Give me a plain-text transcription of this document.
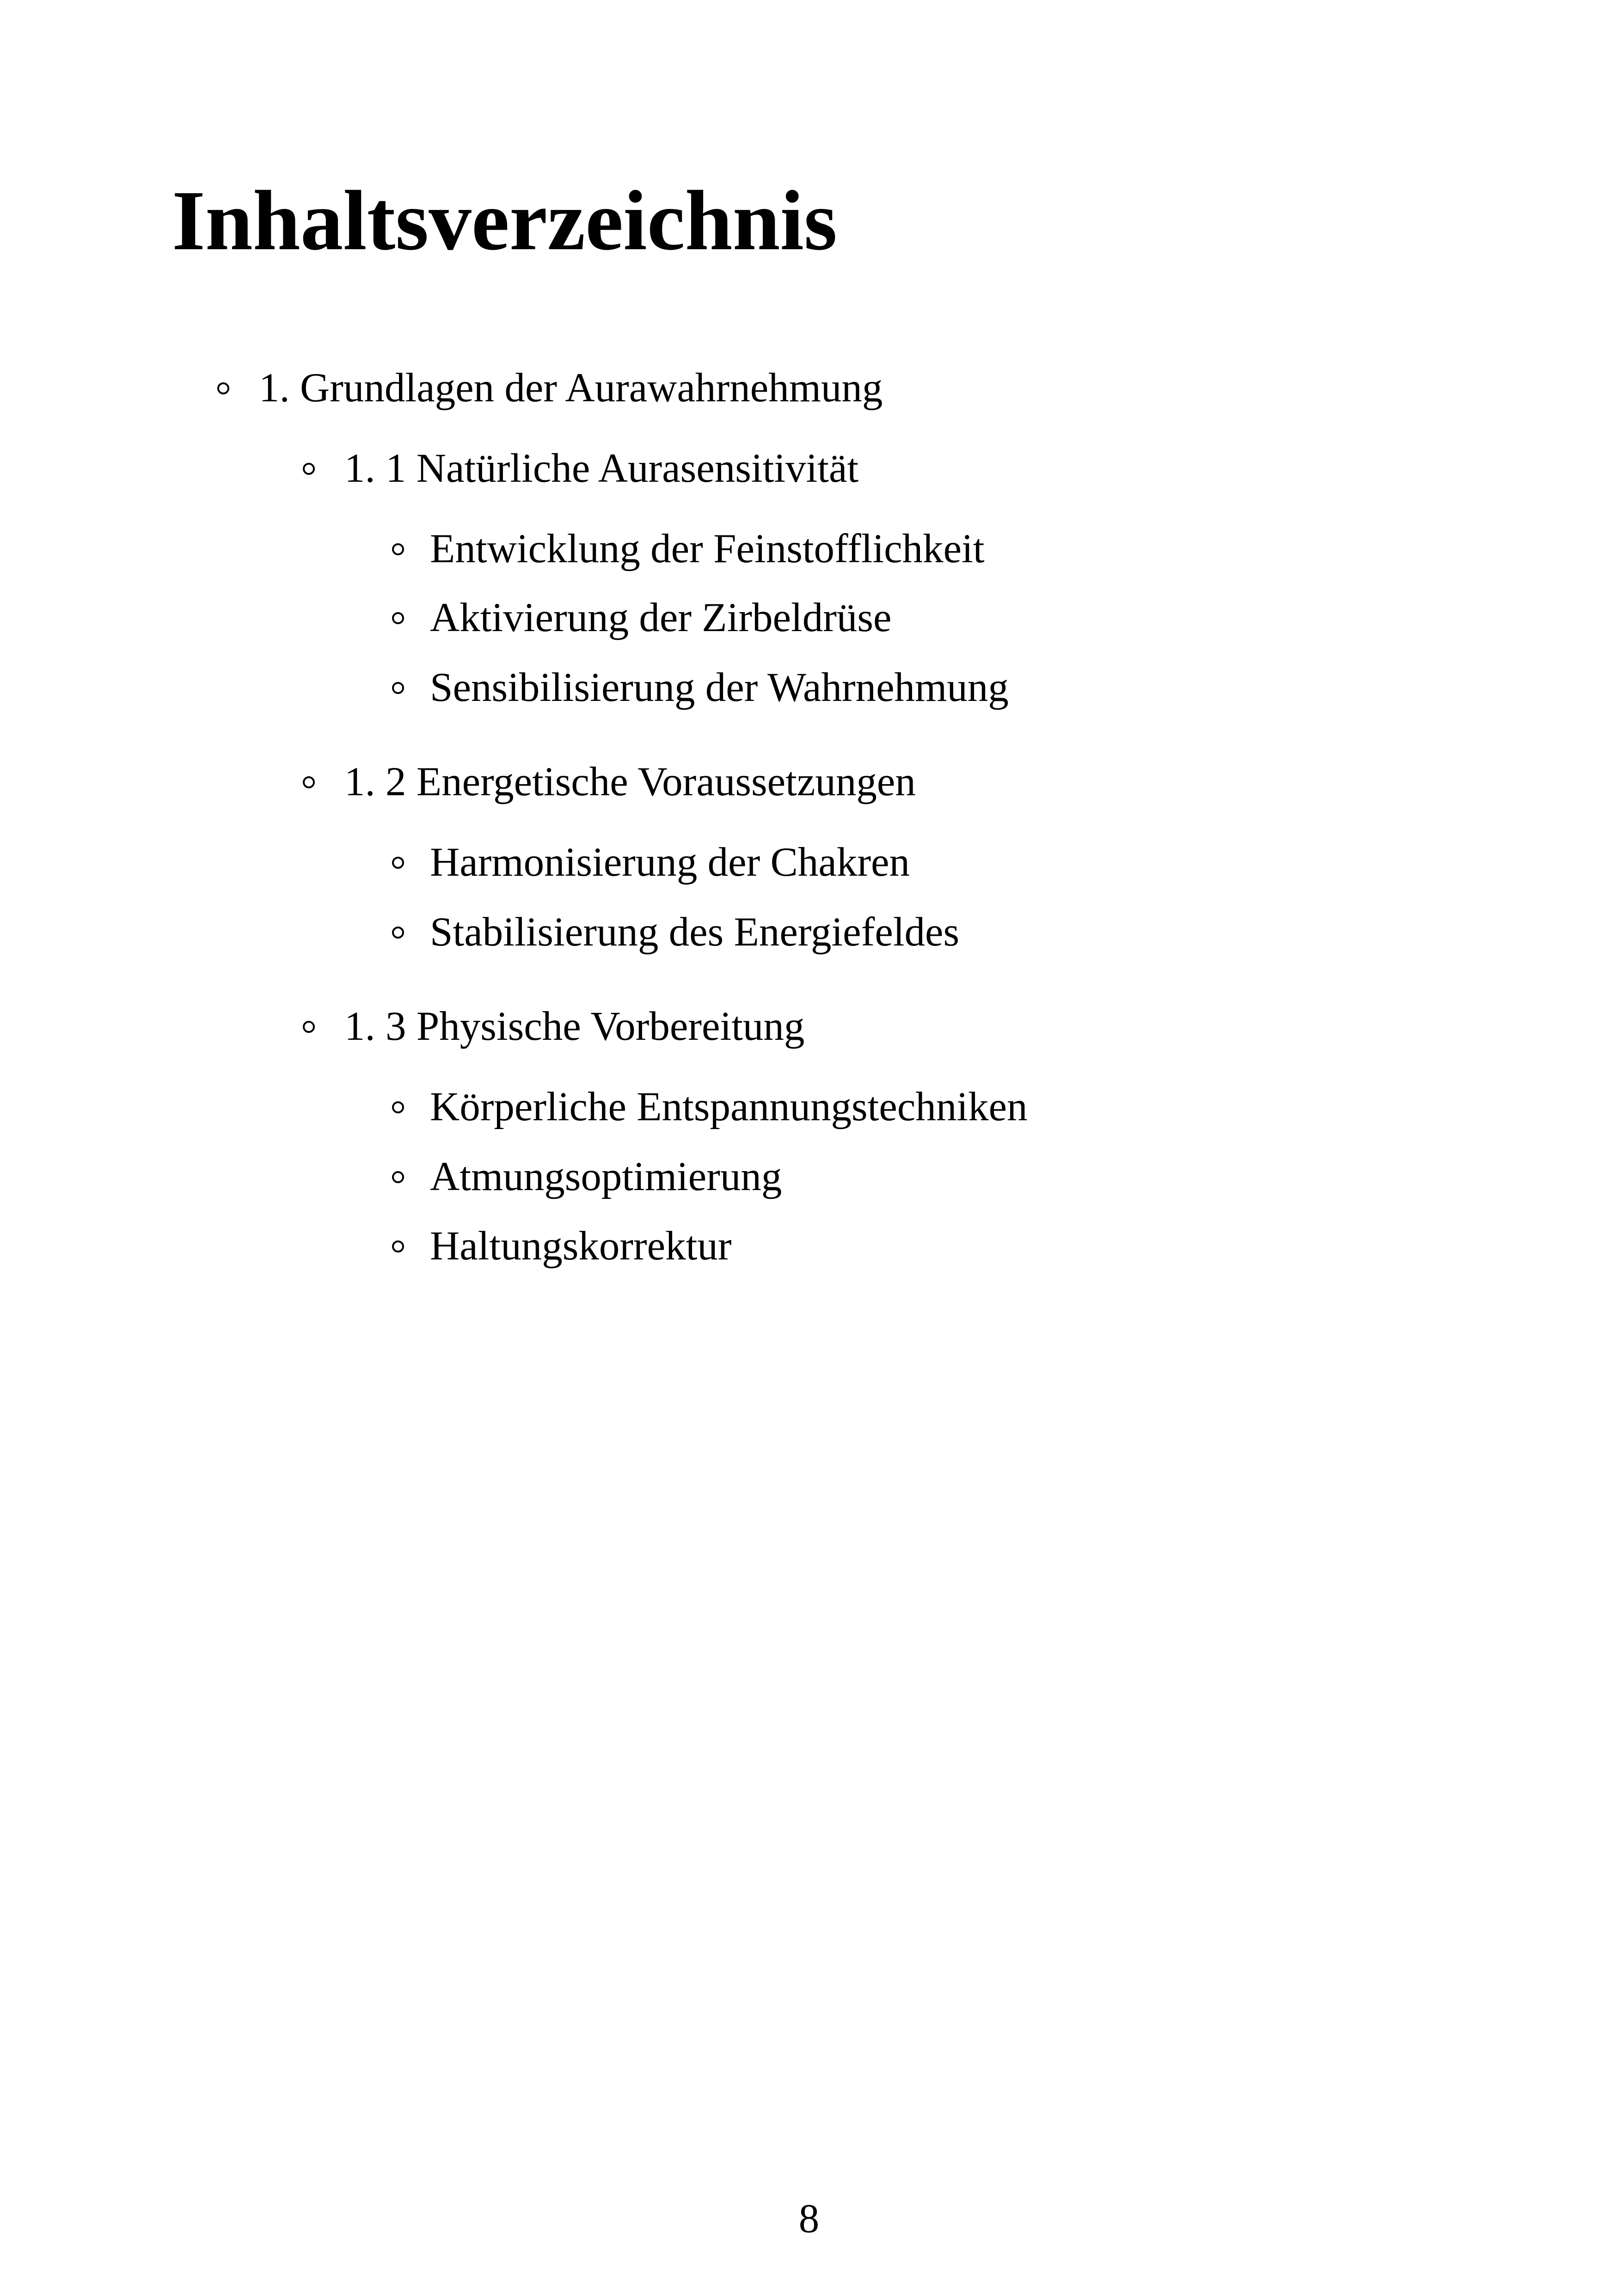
Inhaltsverzeichnis
1. Grundlagen der Aurawahrnehmung
1. 1 Natürliche Aurasensitivität
Entwicklung der Feinstofflichkeit
Aktivierung der Zirbeldrüse
Sensibilisierung der Wahrnehmung
1. 2 Energetische Voraussetzungen
Harmonisierung der Chakren
Stabilisierung des Energiefeldes
1. 3 Physische Vorbereitung
Körperliche Entspannungstechniken
Atmungsoptimierung
Haltungskorrektur
8
